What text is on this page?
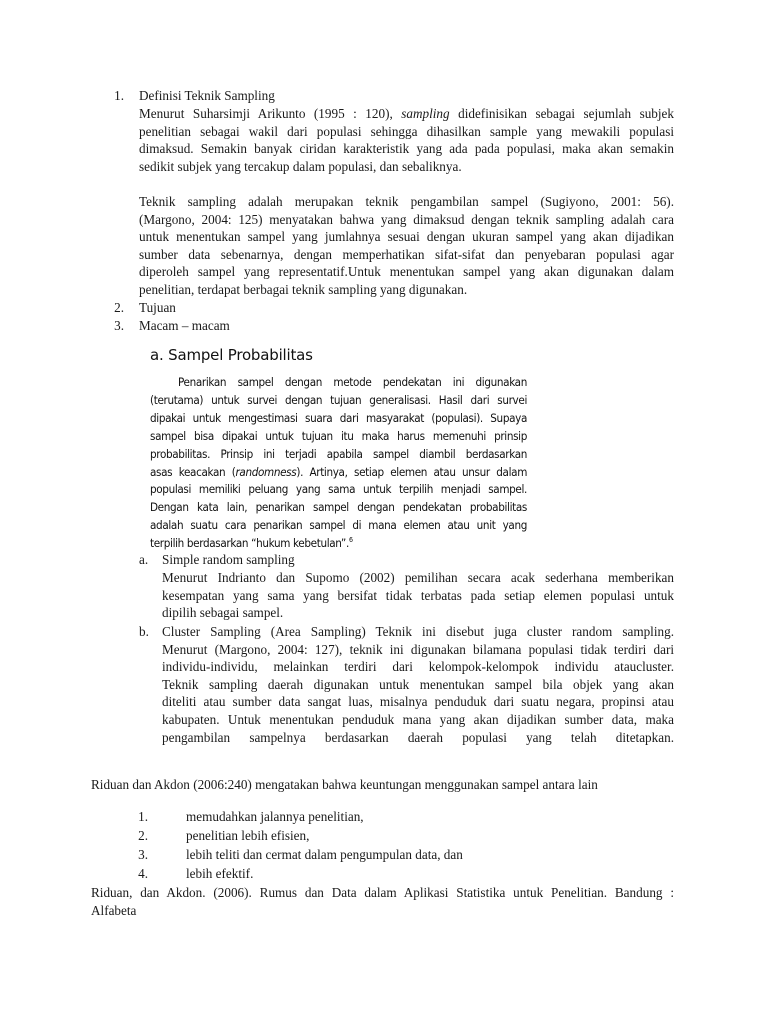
1. Definisi Teknik Sampling
Menurut Suharsimji Arikunto (1995 : 120), sampling didefinisikan sebagai sejumlah subjek
penelitian sebagai wakil dari populasi sehingga dihasilkan sample yang mewakili populasi
dimaksud. Semakin banyak ciridan karakteristik yang ada pada populasi, maka akan semakin
sedikit subjek yang tercakup dalam populasi, dan sebaliknya.
Teknik sampling adalah merupakan teknik pengambilan sampel (Sugiyono, 2001: 56).
(Margono, 2004: 125) menyatakan bahwa yang dimaksud dengan teknik sampling adalah cara
untuk menentukan sampel yang jumlahnya sesuai dengan ukuran sampel yang akan dijadikan
sumber data sebenarnya, dengan memperhatikan sifat-sifat dan penyebaran populasi agar
diperoleh sampel yang representatif.Untuk menentukan sampel yang akan digunakan dalam
penelitian, terdapat berbagai teknik sampling yang digunakan.
2. Tujuan
3. Macam – macam
a. Sampel Probabilitas
Penarikan sampel dengan metode pendekatan ini digunakan
(terutama) untuk survei dengan tujuan generalisasi. Hasil dari survei
dipakai untuk mengestimasi suara dari masyarakat (populasi). Supaya
sampel bisa dipakai untuk tujuan itu maka harus memenuhi prinsip
probabilitas. Prinsip ini terjadi apabila sampel diambil berdasarkan
asas keacakan (randomness). Artinya, setiap elemen atau unsur dalam
populasi memiliki peluang yang sama untuk terpilih menjadi sampel.
Dengan kata lain, penarikan sampel dengan pendekatan probabilitas
adalah suatu cara penarikan sampel di mana elemen atau unit yang
terpilih berdasarkan “hukum kebetulan”.$^6$
a. Simple random sampling
Menurut Indrianto dan Supomo (2002) pemilihan secara acak sederhana memberikan
kesempatan yang sama yang bersifat tidak terbatas pada setiap elemen populasi untuk
dipilih sebagai sampel.
b. Cluster Sampling (Area Sampling) Teknik ini disebut juga cluster random sampling.
Menurut (Margono, 2004: 127), teknik ini digunakan bilamana populasi tidak terdiri dari
individu-individu, melainkan terdiri dari kelompok-kelompok individu ataucluster.
Teknik sampling daerah digunakan untuk menentukan sampel bila objek yang akan
diteliti atau sumber data sangat luas, misalnya penduduk dari suatu negara, propinsi atau
kabupaten. Untuk menentukan penduduk mana yang akan dijadikan sumber data, maka
pengambilan sampelnya berdasarkan daerah populasi yang telah ditetapkan.
Riduan dan Akdon (2006:240) mengatakan bahwa keuntungan menggunakan sampel antara lain
1.	memudahkan jalannya penelitian,
2.	penelitian lebih efisien,
3.	lebih teliti dan cermat dalam pengumpulan data, dan
4.	lebih efektif.
Riduan, dan Akdon. (2006). Rumus dan Data dalam Aplikasi Statistika untuk Penelitian. Bandung :
Alfabeta
